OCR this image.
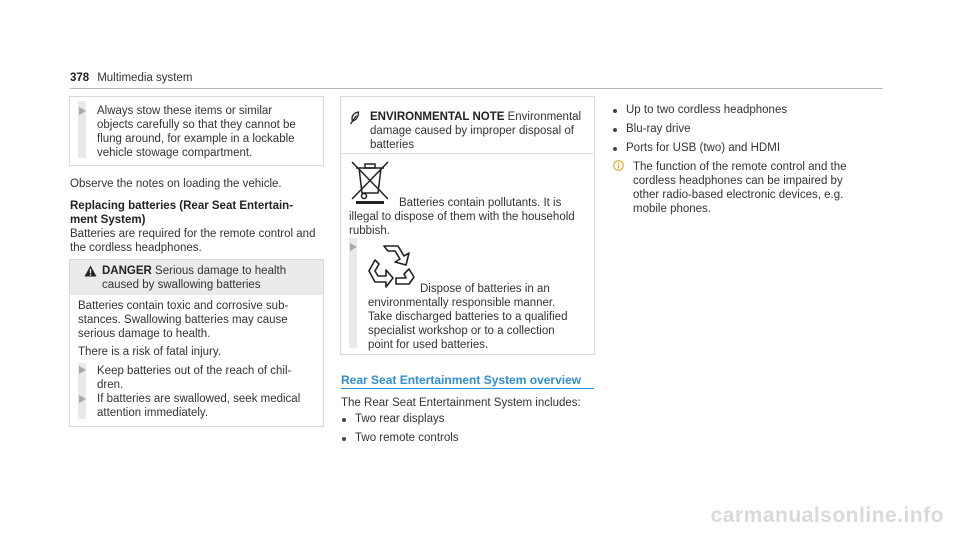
378 Multimedia system

Always stow these items or similar

objects carefully so that they cannot be

flung around, for example in a lockable

vehicle stowage compartment.

Observe the notes on loading the vehicle.

Replacing batteries (Rear Seat Entertain-

ment System)

Batteries are required for the remote control and

the cordless headphones.

DANGER Serious damage to health

caused by swallowing batteries

Batteries contain toxic and corrosive sub-

stances. Swallowing batteries may cause

serious damage to health.

There is a risk of fatal injury.

Keep batteries out of the reach of chil-

dren.

If batteries are swallowed, seek medical

attention immediately.

ENVIRONMENTAL NOTE Environmental

damage caused by improper disposal of

batteries

Batteries contain pollutants. It is

illegal to dispose of them with the household

rubbish.

Dispose of batteries in an

environmentally responsible manner.

Take discharged batteries to a qualified

specialist workshop or to a collection

point for used batteries.

Rear Seat Entertainment System overview

The Rear Seat Entertainment System includes:

Two rear displays
Two remote controls
Up to two cordless headphones
Blu-ray drive
Ports for USB (two) and HDMI

The function of the remote control and the

cordless headphones can be impaired by

other radio-based electronic devices, e.g.

mobile phones.

carmanualsonline.info
